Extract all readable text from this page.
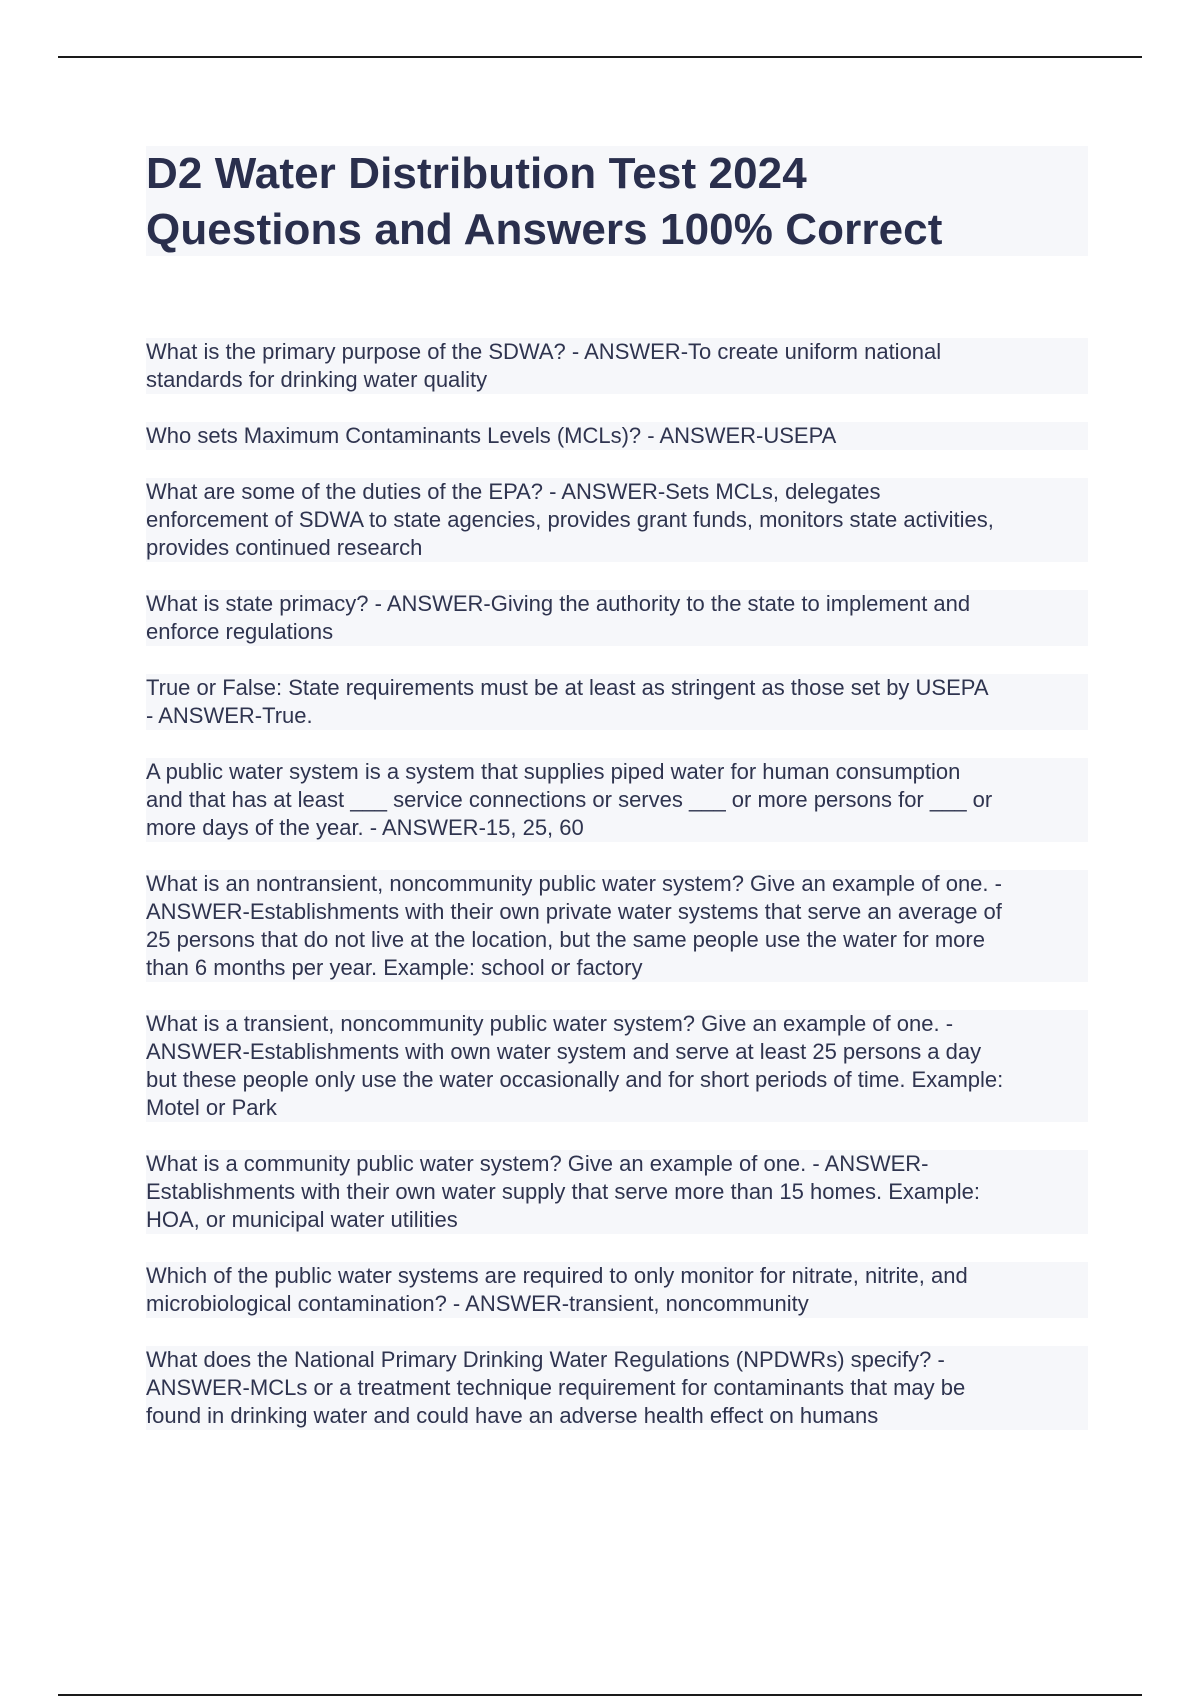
D2 Water Distribution Test 2024
Questions and Answers 100% Correct

What is the primary purpose of the SDWA? - ANSWER-To create uniform national
standards for drinking water quality

Who sets Maximum Contaminants Levels (MCLs)? - ANSWER-USEPA

What are some of the duties of the EPA? - ANSWER-Sets MCLs, delegates
enforcement of SDWA to state agencies, provides grant funds, monitors state activities,
provides continued research

What is state primacy? - ANSWER-Giving the authority to the state to implement and
enforce regulations

True or False: State requirements must be at least as stringent as those set by USEPA
- ANSWER-True.

A public water system is a system that supplies piped water for human consumption
and that has at least ___ service connections or serves ___ or more persons for ___ or
more days of the year. - ANSWER-15, 25, 60

What is an nontransient, noncommunity public water system? Give an example of one. -
ANSWER-Establishments with their own private water systems that serve an average of
25 persons that do not live at the location, but the same people use the water for more
than 6 months per year. Example: school or factory

What is a transient, noncommunity public water system? Give an example of one. -
ANSWER-Establishments with own water system and serve at least 25 persons a day
but these people only use the water occasionally and for short periods of time. Example:
Motel or Park

What is a community public water system? Give an example of one. - ANSWER-
Establishments with their own water supply that serve more than 15 homes. Example:
HOA, or municipal water utilities

Which of the public water systems are required to only monitor for nitrate, nitrite, and
microbiological contamination? - ANSWER-transient, noncommunity

What does the National Primary Drinking Water Regulations (NPDWRs) specify? -
ANSWER-MCLs or a treatment technique requirement for contaminants that may be
found in drinking water and could have an adverse health effect on humans
